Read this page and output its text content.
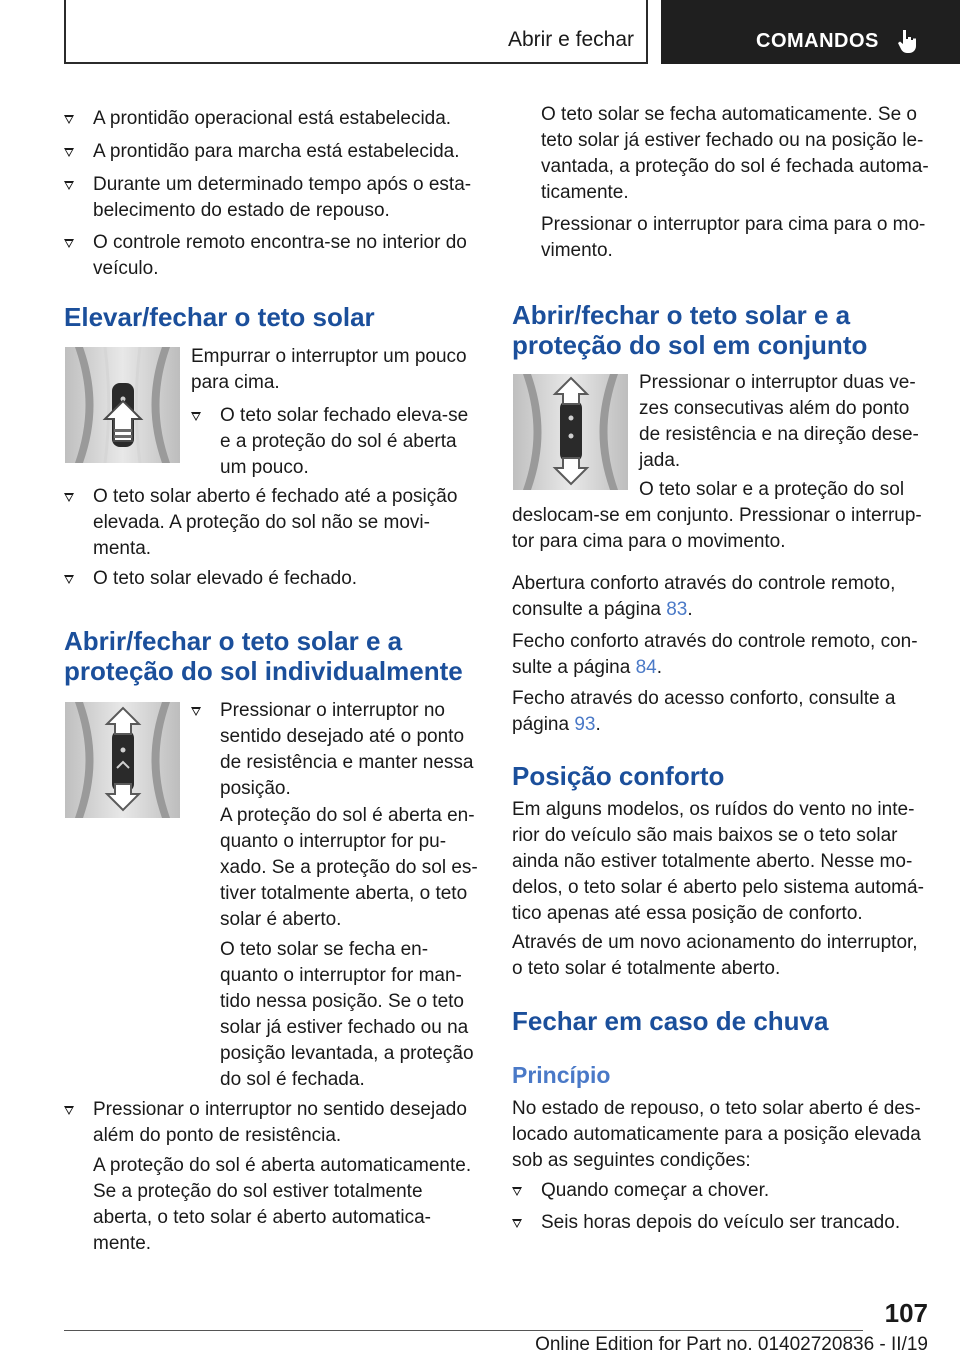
Abrir e fechar	COMANDOS
A prontidão operacional está estabelecida.
A prontidão para marcha está estabelecida.
Durante um determinado tempo após o esta‐
belecimento do estado de repouso.
O controle remoto encontra-se no interior do
veículo.
Elevar/fechar o teto solar
Empurrar o interruptor um pouco
para cima.
O teto solar fechado eleva-se
e a proteção do sol é aberta
um pouco.
O teto solar aberto é fechado até a posição
elevada. A proteção do sol não se movi‐
menta.
O teto solar elevado é fechado.
Abrir/fechar o teto solar e a
proteção do sol individualmente
Pressionar o interruptor no
sentido desejado até o ponto
de resistência e manter nessa
posição.
A proteção do sol é aberta en‐
quanto o interruptor for pu‐
xado. Se a proteção do sol es‐
tiver totalmente aberta, o teto
solar é aberto.
O teto solar se fecha en‐
quanto o interruptor for man‐
tido nessa posição. Se o teto
solar já estiver fechado ou na
posição levantada, a proteção
do sol é fechada.
Pressionar o interruptor no sentido desejado
além do ponto de resistência.
A proteção do sol é aberta automaticamente.
Se a proteção do sol estiver totalmente
aberta, o teto solar é aberto automatica‐
mente.
O teto solar se fecha automaticamente. Se o
teto solar já estiver fechado ou na posição le‐
vantada, a proteção do sol é fechada automa‐
ticamente.
Pressionar o interruptor para cima para o mo‐
vimento.
Abrir/fechar o teto solar e a
proteção do sol em conjunto
Pressionar o interruptor duas ve‐
zes consecutivas além do ponto
de resistência e na direção dese‐
jada.
O teto solar e a proteção do sol
deslocam-se em conjunto. Pressionar o interrup‐
tor para cima para o movimento.
Abertura conforto através do controle remoto,
consulte a página 83.
Fecho conforto através do controle remoto, con‐
sulte a página 84.
Fecho através do acesso conforto, consulte a
página 93.
Posição conforto
Em alguns modelos, os ruídos do vento no inte‐
rior do veículo são mais baixos se o teto solar
ainda não estiver totalmente aberto. Nesse mo‐
delos, o teto solar é aberto pelo sistema automá‐
tico apenas até essa posição de conforto.
Através de um novo acionamento do interruptor,
o teto solar é totalmente aberto.
Fechar em caso de chuva
Princípio
No estado de repouso, o teto solar aberto é des‐
locado automaticamente para a posição elevada
sob as seguintes condições:
Quando começar a chover.
Seis horas depois do veículo ser trancado.
107
Online Edition for Part no. 01402720836 - II/19
